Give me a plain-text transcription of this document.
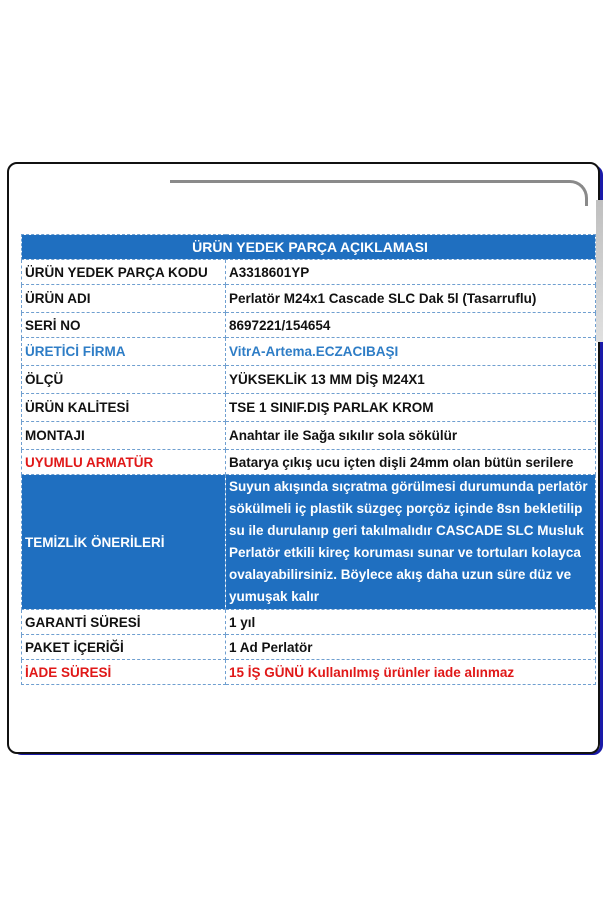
ÜRÜN YEDEK PARÇA AÇIKLAMASI	
ÜRÜN YEDEK PARÇA KODU	A3318601YP
ÜRÜN ADI	Perlatör M24x1 Cascade SLC Dak 5l (Tasarruflu)
SERİ NO	8697221/154654
ÜRETİCİ FİRMA	VitrA-Artema.ECZACIBAŞI
ÖLÇÜ	YÜKSEKLİK 13 MM DİŞ M24X1
ÜRÜN KALİTESİ	TSE 1 SINIF.DIŞ PARLAK KROM
MONTAJI	Anahtar ile Sağa sıkılır sola sökülür
UYUMLU ARMATÜR	Batarya çıkış ucu içten dişli 24mm olan bütün serilere
TEMİZLİK ÖNERİLERİ	Suyun akışında sıçratma görülmesi durumunda perlatör sökülmeli iç plastik süzgeç porçöz içinde 8sn bekletilip su ile durulanıp geri takılmalıdır CASCADE SLC Musluk Perlatör etkili kireç koruması sunar ve tortuları kolayca ovalayabilirsiniz. Böylece akış daha uzun süre düz ve yumuşak kalır
GARANTİ SÜRESİ	1 yıl
PAKET İÇERİĞİ	1 Ad Perlatör
İADE SÜRESİ	15 İŞ GÜNÜ Kullanılmış ürünler iade alınmaz
